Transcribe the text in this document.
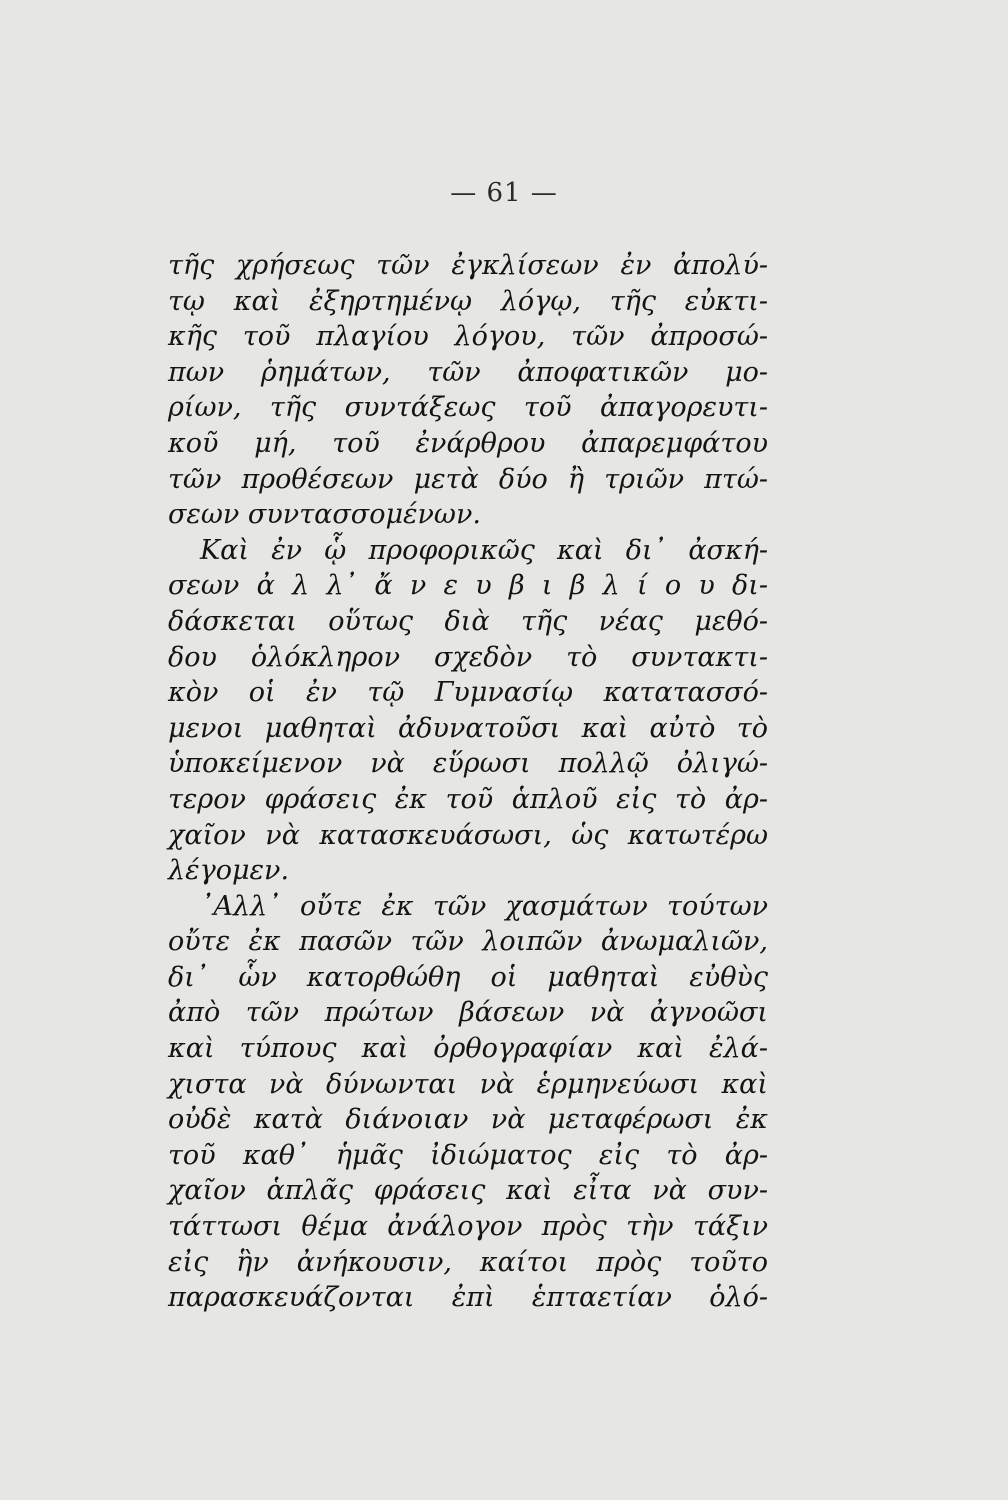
— 61 —
τῆς χρήσεως τῶν ἐγκλίσεων ἐν ἀπολύ-
τῳ καὶ ἐξηρτημένῳ λόγῳ, τῆς εὐκτι-
κῆς τοῦ πλαγίου λόγου, τῶν ἀπροσώ-
πων ῥημάτων, τῶν ἀποφατικῶν μο-
ρίων, τῆς συντάξεως τοῦ ἀπαγορευτι-
κοῦ μή, τοῦ ἐνάρθρου ἀπαρεμφάτου
τῶν προθέσεων μετὰ δύο ἢ τριῶν πτώ-
σεων συντασσομένων.
Καὶ ἐν ᾧ προφορικῶς καὶ δι᾽ ἀσκή-
σεων ἀ λ λ᾽ ἄ ν ε υ β ι β λ ί ο υ δι-
δάσκεται οὕτως διὰ τῆς νέας μεθό-
δου ὁλόκληρον σχεδὸν τὸ συντακτι-
κὸν οἱ ἐν τῷ Γυμνασίῳ κατατασσό-
μενοι μαθηταὶ ἀδυνατοῦσι καὶ αὐτὸ τὸ
ὑποκείμενον νὰ εὕρωσι πολλῷ ὀλιγώ-
τερον φράσεις ἐκ τοῦ ἁπλοῦ εἰς τὸ ἀρ-
χαῖον νὰ κατασκευάσωσι, ὡς κατωτέρω
λέγομεν.
᾽Αλλ᾽ οὔτε ἐκ τῶν χασμάτων τούτων
οὔτε ἐκ πασῶν τῶν λοιπῶν ἀνωμαλιῶν,
δι᾽ ὧν κατορθώθη οἱ μαθηταὶ εὐθὺς
ἀπὸ τῶν πρώτων βάσεων νὰ ἀγνοῶσι
καὶ τύπους καὶ ὀρθογραφίαν καὶ ἐλά-
χιστα νὰ δύνωνται νὰ ἑρμηνεύωσι καὶ
οὐδὲ κατὰ διάνοιαν νὰ μεταφέρωσι ἐκ
τοῦ καθ᾽ ἡμᾶς ἰδιώματος εἰς τὸ ἀρ-
χαῖον ἁπλᾶς φράσεις καὶ εἶτα νὰ συν-
τάττωσι θέμα ἀνάλογον πρὸς τὴν τάξιν
εἰς ἣν ἀνήκουσιν, καίτοι πρὸς τοῦτο
παρασκευάζονται ἐπὶ ἑπταετίαν ὁλό-
